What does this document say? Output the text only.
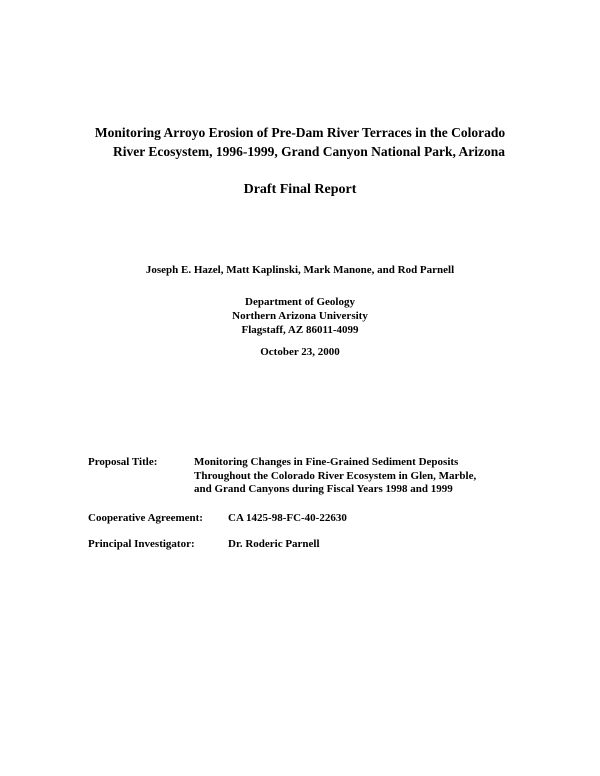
Monitoring Arroyo Erosion of Pre-Dam River Terraces in the Colorado
River Ecosystem, 1996-1999, Grand Canyon National Park, Arizona
Draft Final Report
Joseph E. Hazel, Matt Kaplinski, Mark Manone, and Rod Parnell
Department of Geology
Northern Arizona University
Flagstaff, AZ 86011-4099
October 23, 2000
Proposal Title:	Monitoring Changes in Fine-Grained Sediment Deposits
Throughout the Colorado River Ecosystem in Glen, Marble,
and Grand Canyons during Fiscal Years 1998 and 1999
Cooperative Agreement: CA 1425-98-FC-40-22630
Principal Investigator:	Dr. Roderic Parnell
